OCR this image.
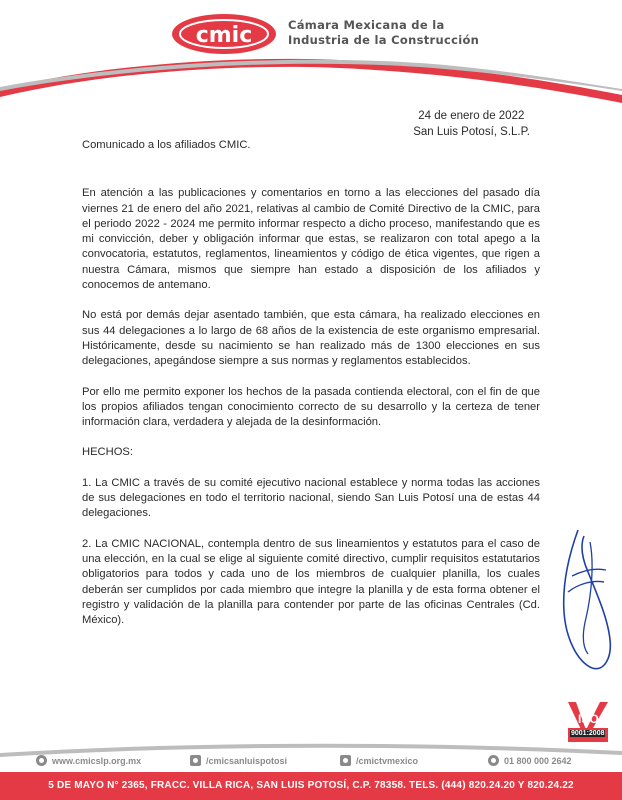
cmic	Cámara Mexicana de la
Industria de la Construcción
24 de enero de 2022
San Luis Potosí, S.L.P.

Comunicado a los afiliados CMIC.

En atención a las publicaciones y comentarios en torno a las elecciones del pasado día viernes 21 de enero del año 2021, relativas al cambio de Comité Directivo de la CMIC, para el periodo 2022 - 2024 me permito informar respecto a dicho proceso, manifestando que es mi convicción, deber y obligación informar que estas, se realizaron con total apego a la convocatoria, estatutos, reglamentos, lineamientos y código de ética vigentes, que rigen a nuestra Cámara, mismos que siempre han estado a disposición de los afiliados y conocemos de antemano.

No está por demás dejar asentado también, que esta cámara, ha realizado elecciones en sus 44 delegaciones a lo largo de 68 años de la existencia de este organismo empresarial. Históricamente, desde su nacimiento se han realizado más de 1300 elecciones en sus delegaciones, apegándose siempre a sus normas y reglamentos establecidos.

Por ello me permito exponer los hechos de la pasada contienda electoral, con el fin de que los propios afiliados tengan conocimiento correcto de su desarrollo y la certeza de tener información clara, verdadera y alejada de la desinformación.

HECHOS:

1. La CMIC a través de su comité ejecutivo nacional establece y norma todas las acciones de sus delegaciones en todo el territorio nacional, siendo San Luis Potosí una de estas 44 delegaciones.

2. La CMIC NACIONAL, contempla dentro de sus lineamientos y estatutos para el caso de una elección, en la cual se elige al siguiente comité directivo, cumplir requisitos estatutarios obligatorios para todos y cada uno de los miembros de cualquier planilla, los cuales deberán ser cumplidos por cada miembro que integre la planilla y de esta forma obtener el registro y validación de la planilla para contender por parte de las oficinas Centrales (Cd. México).

ISO
9001:2008
www.cmicslp.org.mx	/cmicsanluispotosi	/cmictvmexico	01 800 000 2642
5 DE MAYO N° 2365, FRACC. VILLA RICA, SAN LUIS POTOSÍ, C.P. 78358. TELS. (444) 820.24.20 Y 820.24.22
